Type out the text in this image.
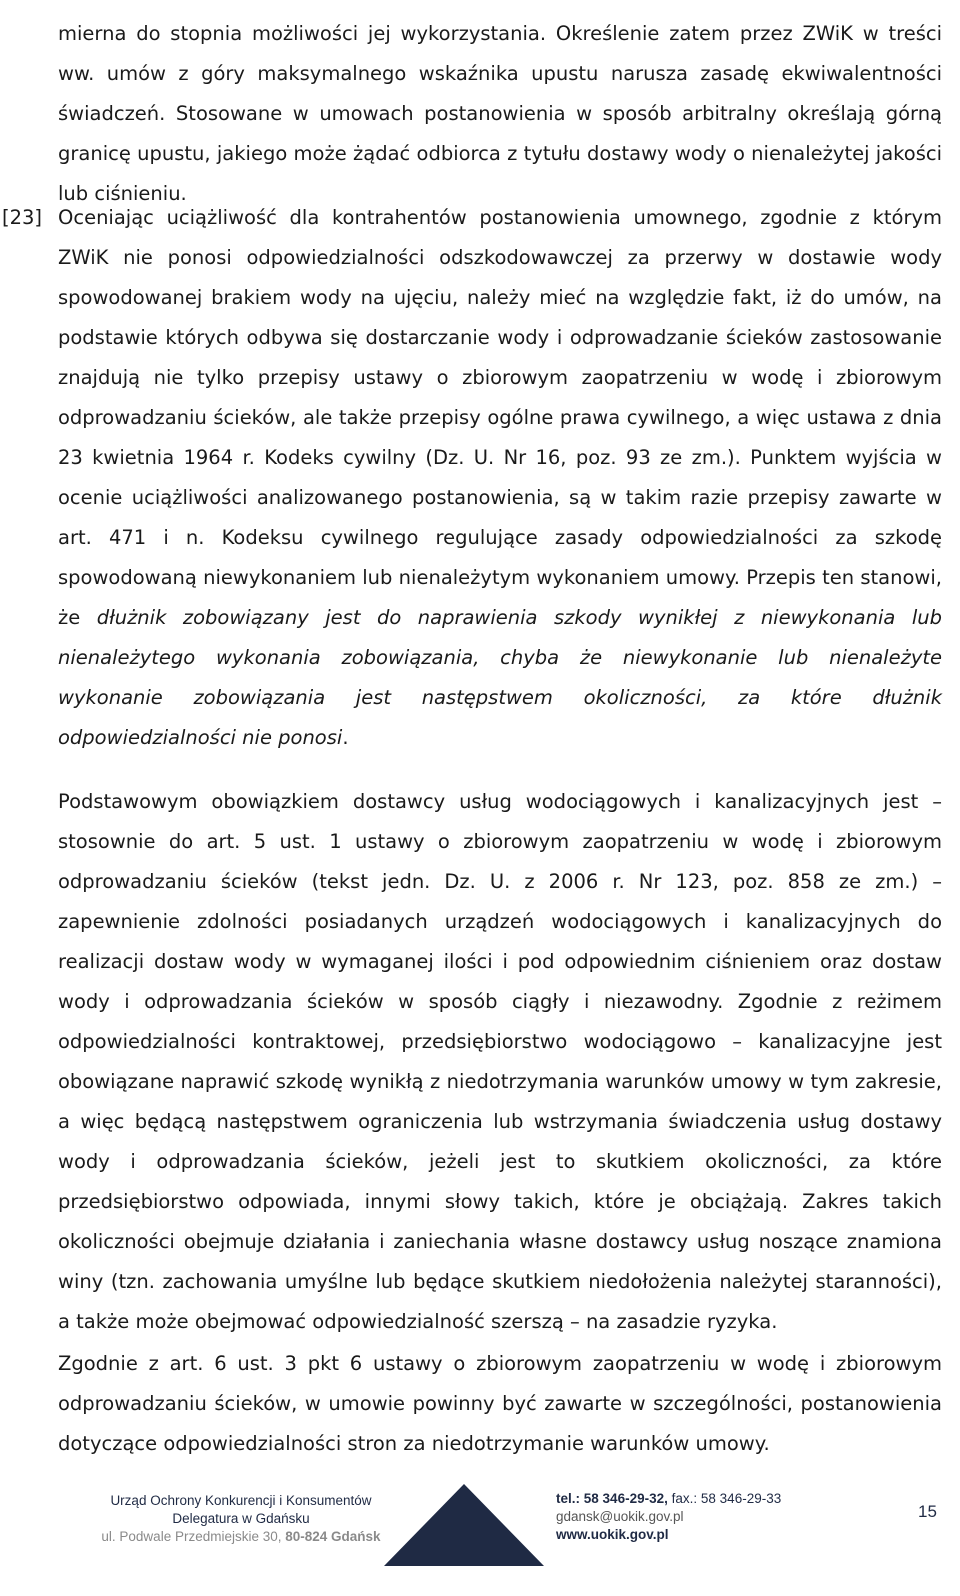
mierna do stopnia możliwości jej wykorzystania. Określenie zatem przez ZWiK w treści ww. umów z góry maksymalnego wskaźnika upustu narusza zasadę ekwiwalentności świadczeń. Stosowane w umowach postanowienia w sposób arbitralny określają górną granicę upustu, jakiego może żądać odbiorca z tytułu dostawy wody o nienależytej jakości lub ciśnieniu.

[23] Oceniając uciążliwość dla kontrahentów postanowienia umownego, zgodnie z którym ZWiK nie ponosi odpowiedzialności odszkodowawczej za przerwy w dostawie wody spowodowanej brakiem wody na ujęciu, należy mieć na względzie fakt, iż do umów, na podstawie których odbywa się dostarczanie wody i odprowadzanie ścieków zastosowanie znajdują nie tylko przepisy ustawy o zbiorowym zaopatrzeniu w wodę i zbiorowym odprowadzaniu ścieków, ale także przepisy ogólne prawa cywilnego, a więc ustawa z dnia 23 kwietnia 1964 r. Kodeks cywilny (Dz. U. Nr 16, poz. 93 ze zm.). Punktem wyjścia w ocenie uciążliwości analizowanego postanowienia, są w takim razie przepisy zawarte w art. 471 i n. Kodeksu cywilnego regulujące zasady odpowiedzialności za szkodę spowodowaną niewykonaniem lub nienależytym wykonaniem umowy. Przepis ten stanowi, że dłużnik zobowiązany jest do naprawienia szkody wynikłej z niewykonania lub nienależytego wykonania zobowiązania, chyba że niewykonanie lub nienależyte wykonanie zobowiązania jest następstwem okoliczności, za które dłużnik odpowiedzialności nie ponosi.

Podstawowym obowiązkiem dostawcy usług wodociągowych i kanalizacyjnych jest – stosownie do art. 5 ust. 1 ustawy o zbiorowym zaopatrzeniu w wodę i zbiorowym odprowadzaniu ścieków (tekst jedn. Dz. U. z 2006 r. Nr 123, poz. 858 ze zm.) – zapewnienie zdolności posiadanych urządzeń wodociągowych i kanalizacyjnych do realizacji dostaw wody w wymaganej ilości i pod odpowiednim ciśnieniem oraz dostaw wody i odprowadzania ścieków w sposób ciągły i niezawodny. Zgodnie z reżimem odpowiedzialności kontraktowej, przedsiębiorstwo wodociągowo – kanalizacyjne jest obowiązane naprawić szkodę wynikłą z niedotrzymania warunków umowy w tym zakresie, a więc będącą następstwem ograniczenia lub wstrzymania świadczenia usług dostawy wody i odprowadzania ścieków, jeżeli jest to skutkiem okoliczności, za które przedsiębiorstwo odpowiada, innymi słowy takich, które je obciążają. Zakres takich okoliczności obejmuje działania i zaniechania własne dostawcy usług noszące znamiona winy (tzn. zachowania umyślne lub będące skutkiem niedołożenia należytej staranności), a także może obejmować odpowiedzialność szerszą – na zasadzie ryzyka.

Zgodnie z art. 6 ust. 3 pkt 6 ustawy o zbiorowym zaopatrzeniu w wodę i zbiorowym odprowadzaniu ścieków, w umowie powinny być zawarte w szczególności, postanowienia dotyczące odpowiedzialności stron za niedotrzymanie warunków umowy.

Urząd Ochrony Konkurencji i Konsumentów
Delegatura w Gdańsku
ul. Podwale Przedmiejskie 30, 80-824 Gdańsk
tel.: 58 346-29-32, fax.: 58 346-29-33
gdansk@uokik.gov.pl
www.uokik.gov.pl
15
